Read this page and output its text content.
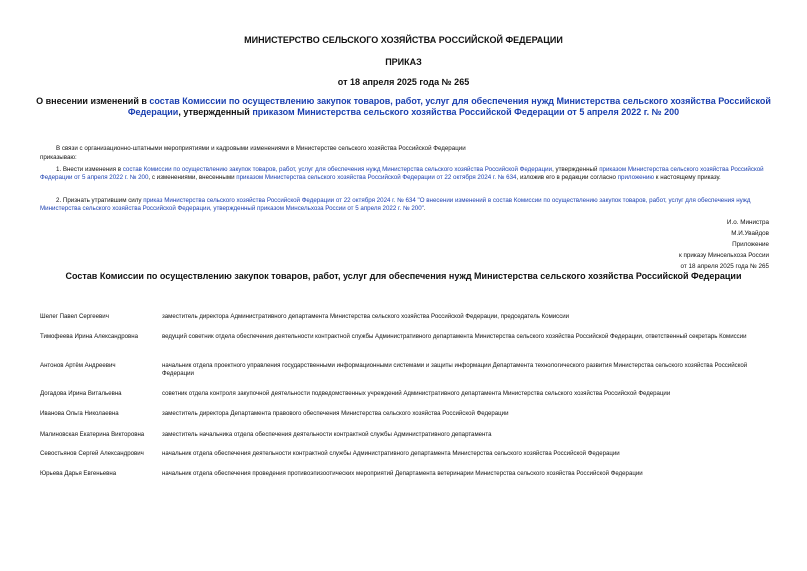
МИНИСТЕРСТВО СЕЛЬСКОГО ХОЗЯЙСТВА РОССИЙСКОЙ ФЕДЕРАЦИИ
ПРИКАЗ
от 18 апреля 2025 года № 265
О внесении изменений в состав Комиссии по осуществлению закупок товаров, работ, услуг для обеспечения нужд Министерства сельского хозяйства Российской Федерации, утвержденный приказом Министерства сельского хозяйства Российской Федерации от 5 апреля 2022 г. № 200
В связи с организационно-штатными мероприятиями и кадровыми изменениями в Министерстве сельского хозяйства Российской Федерации
приказываю:
1. Внести изменения в состав Комиссии по осуществлению закупок товаров, работ, услуг для обеспечения нужд Министерства сельского хозяйства Российской Федерации, утвержденный приказом Министерства сельского хозяйства Российской Федерации от 5 апреля 2022 г. № 200, с изменениями, внесенными приказом Министерства сельского хозяйства Российской Федерации от 22 октября 2024 г. № 634, изложив его в редакции согласно приложению к настоящему приказу.
2. Признать утратившим силу приказ Министерства сельского хозяйства Российской Федерации от 22 октября 2024 г. № 634 "О внесении изменений в состав Комиссии по осуществлению закупок товаров, работ, услуг для обеспечения нужд Министерства сельского хозяйства Российской Федерации, утвержденный приказом Минсельхоза России от 5 апреля 2022 г. № 200".
И.о. Министра
М.И.Увайдов
Приложение
к приказу Минсельхоза России
от 18 апреля 2025 года № 265
Состав Комиссии по осуществлению закупок товаров, работ, услуг для обеспечения нужд Министерства сельского хозяйства Российской Федерации
Шелег Павел Сергеевич	заместитель директора Административного департамента Министерства сельского хозяйства Российской Федерации, председатель Комиссии
Тимофеева Ирина Александровна	ведущий советник отдела обеспечения деятельности контрактной службы Административного департамента Министерства сельского хозяйства Российской Федерации, ответственный секретарь Комиссии
Антонов Артём Андреевич	начальник отдела проектного управления государственными информационными системами и защиты информации Департамента технологического развития Министерства сельского хозяйства Российской Федерации
Догадова Ирина Витальевна	советник отдела контроля закупочной деятельности подведомственных учреждений Административного департамента Министерства сельского хозяйства Российской Федерации
Иванова Ольга Николаевна	заместитель директора Департамента правового обеспечения Министерства сельского хозяйства Российской Федерации
Малиновская Екатерина Викторовна	заместитель начальника отдела обеспечения деятельности контрактной службы Административного департамента
Севостьянов Сергей Александрович	начальник отдела обеспечения деятельности контрактной службы Административного департамента Министерства сельского хозяйства Российской Федерации
Юрьева Дарья Евгеньевна	начальник отдела обеспечения проведения противоэпизоотических мероприятий Департамента ветеринарии Министерства сельского хозяйства Российской Федерации
